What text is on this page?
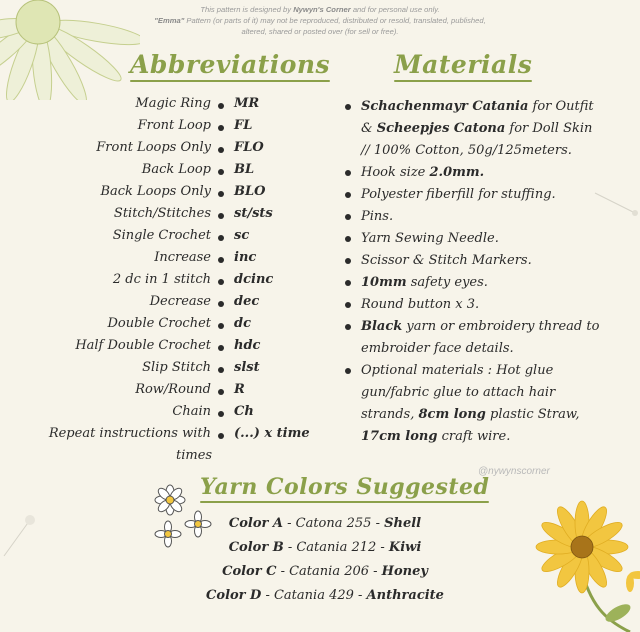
This pattern is designed by Nywyn's Corner and for personal use only.
"Emma" Pattern (or parts of it) may not be reproduced, distributed or resold, translated, published, altered, shared or posted over (for sell or free).
Abbreviations	Materials
Magic Ring MR
Front Loop FL
Front Loops Only FLO
Back Loop BL
Back Loops Only BLO
Stitch/Stitches st/sts
Single Crochet sc
Increase inc
2 dc in 1 stitch dcinc
Decrease dec
Double Crochet dc
Half Double Crochet hdc
Slip Stitch slst
Row/Round R
Chain Ch
Repeat instructions with (...) x time
times
Schachenmayr Catania for Outfit
& Scheepjes Catona for Doll Skin
// 100% Cotton, 50g/125meters.
Hook size 2.0mm.
Polyester fiberfill for stuffing.
Pins.
Yarn Sewing Needle.
Scissor & Stitch Markers.
10mm safety eyes.
Round button x 3.
Black yarn or embroidery thread to
embroider face details.
Optional materials : Hot glue
gun/fabric glue to attach hair
strands, 8cm long plastic Straw,
17cm long craft wire.
@nywynscorner
Yarn Colors Suggested
Color A - Catona 255 - Shell
Color B - Catania 212 - Kiwi
Color C - Catania 206 - Honey
Color D - Catania 429 - Anthracite
